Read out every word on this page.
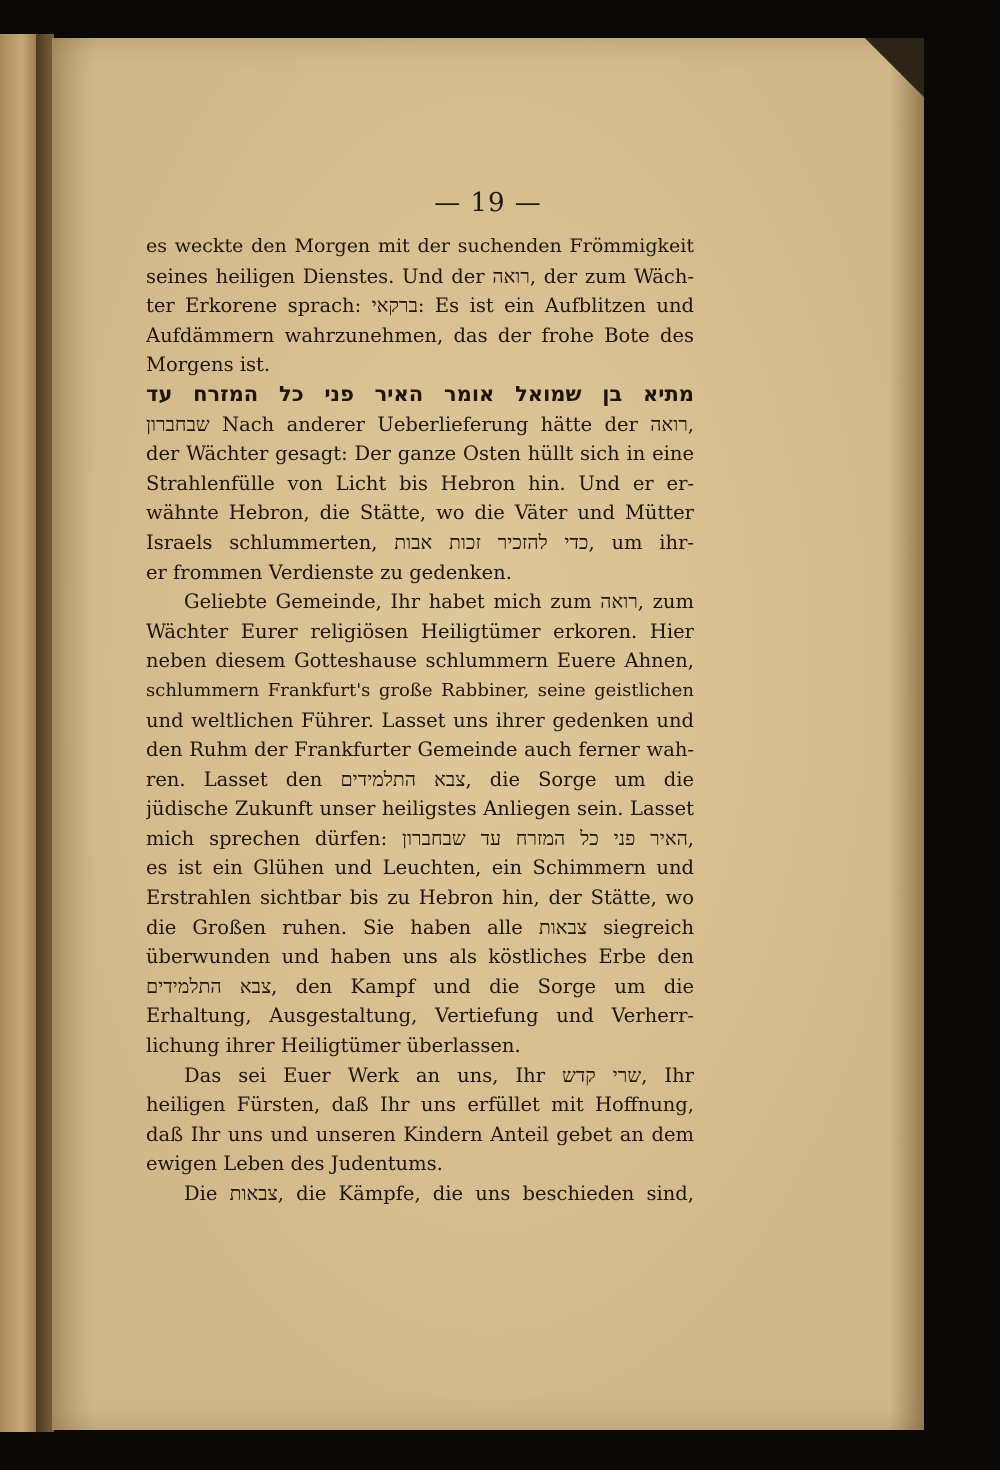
— 19 —
es weckte den Morgen mit der suchenden Frömmigkeit
seines heiligen Dienstes. Und der רואה, der zum Wäch-
ter Erkorene sprach: ברקאי: Es ist ein Aufblitzen und
Aufdämmern wahrzunehmen, das der frohe Bote des
Morgens ist.
מתיא בן שמואל אומר האיר פני כל המזרח עד
שבחברון Nach anderer Ueberlieferung hätte der רואה,
der Wächter gesagt: Der ganze Osten hüllt sich in eine
Strahlenfülle von Licht bis Hebron hin. Und er er-
wähnte Hebron, die Stätte, wo die Väter und Mütter
Israels schlummerten, כדי להזכיר זכות אבות, um ihr-
er frommen Verdienste zu gedenken.
Geliebte Gemeinde, Ihr habet mich zum רואה, zum
Wächter Eurer religiösen Heiligtümer erkoren. Hier
neben diesem Gotteshause schlummern Euere Ahnen,
schlummern Frankfurt's große Rabbiner, seine geistlichen
und weltlichen Führer. Lasset uns ihrer gedenken und
den Ruhm der Frankfurter Gemeinde auch ferner wah-
ren. Lasset den צבא התלמידים, die Sorge um die
jüdische Zukunft unser heiligstes Anliegen sein. Lasset
mich sprechen dürfen: האיר פני כל המזרח עד שבחברון,
es ist ein Glühen und Leuchten, ein Schimmern und
Erstrahlen sichtbar bis zu Hebron hin, der Stätte, wo
die Großen ruhen. Sie haben alle צבאות siegreich
überwunden und haben uns als köstliches Erbe den
צבא התלמידים, den Kampf und die Sorge um die
Erhaltung, Ausgestaltung, Vertiefung und Verherr-
lichung ihrer Heiligtümer überlassen.
Das sei Euer Werk an uns, Ihr שרי קדש, Ihr
heiligen Fürsten, daß Ihr uns erfüllet mit Hoffnung,
daß Ihr uns und unseren Kindern Anteil gebet an dem
ewigen Leben des Judentums.
Die צבאות, die Kämpfe, die uns beschieden sind,
